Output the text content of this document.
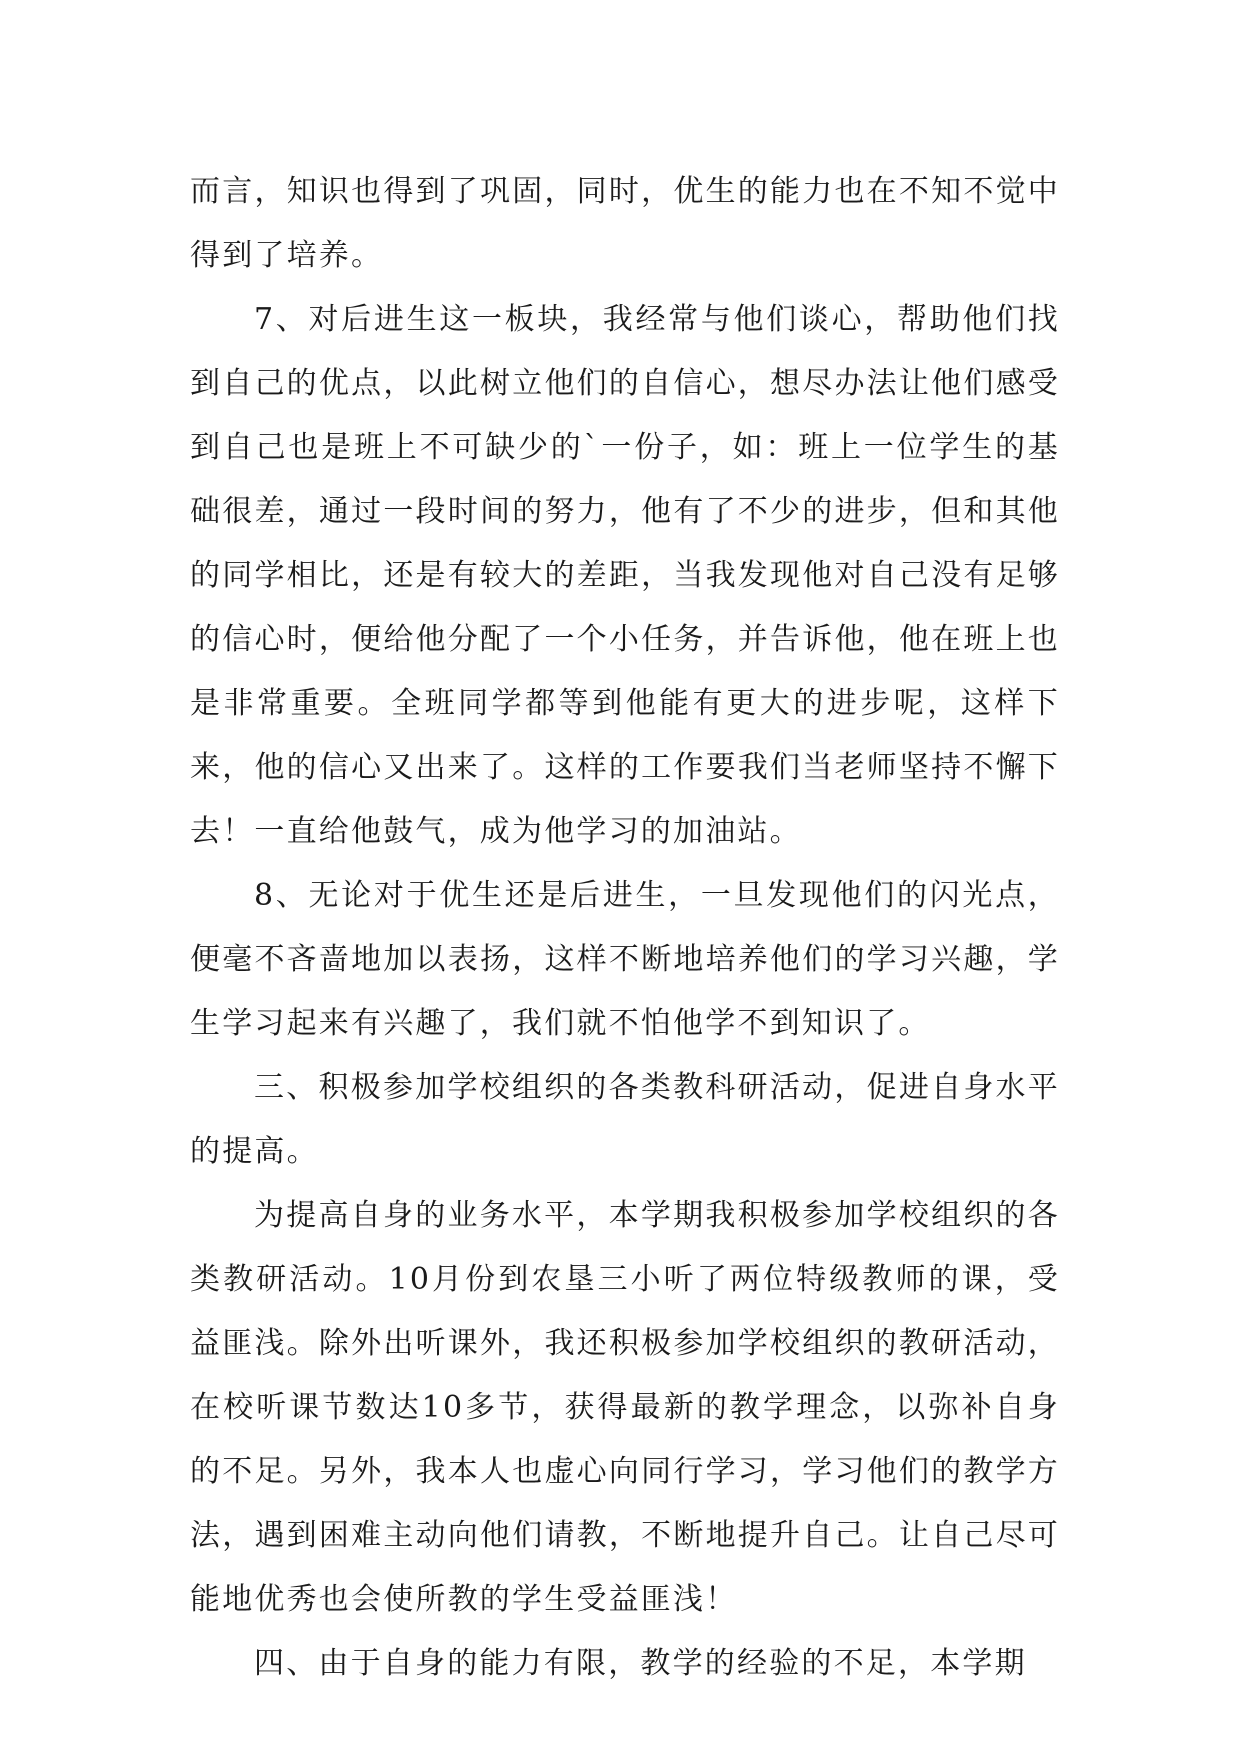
而言，知识也得到了巩固，同时，优生的能力也在不知不觉中得到了培养。

7、对后进生这一板块，我经常与他们谈心，帮助他们找到自己的优点，以此树立他们的自信心，想尽办法让他们感受到自己也是班上不可缺少的`一份子，如：班上一位学生的基础很差，通过一段时间的努力，他有了不少的进步，但和其他的同学相比，还是有较大的差距，当我发现他对自己没有足够的信心时，便给他分配了一个小任务，并告诉他，他在班上也是非常重要。全班同学都等到他能有更大的进步呢，这样下来，他的信心又出来了。这样的工作要我们当老师坚持不懈下去！一直给他鼓气，成为他学习的加油站。

8、无论对于优生还是后进生，一旦发现他们的闪光点，便毫不吝啬地加以表扬，这样不断地培养他们的学习兴趣，学生学习起来有兴趣了，我们就不怕他学不到知识了。

三、积极参加学校组织的各类教科研活动，促进自身水平的提高。

为提高自身的业务水平，本学期我积极参加学校组织的各类教研活动。10月份到农垦三小听了两位特级教师的课，受益匪浅。除外出听课外，我还积极参加学校组织的教研活动，在校听课节数达10多节，获得最新的教学理念，以弥补自身的不足。另外，我本人也虚心向同行学习，学习他们的教学方法，遇到困难主动向他们请教，不断地提升自己。让自己尽可能地优秀也会使所教的学生受益匪浅！

四、由于自身的能力有限，教学的经验的不足，本学期
